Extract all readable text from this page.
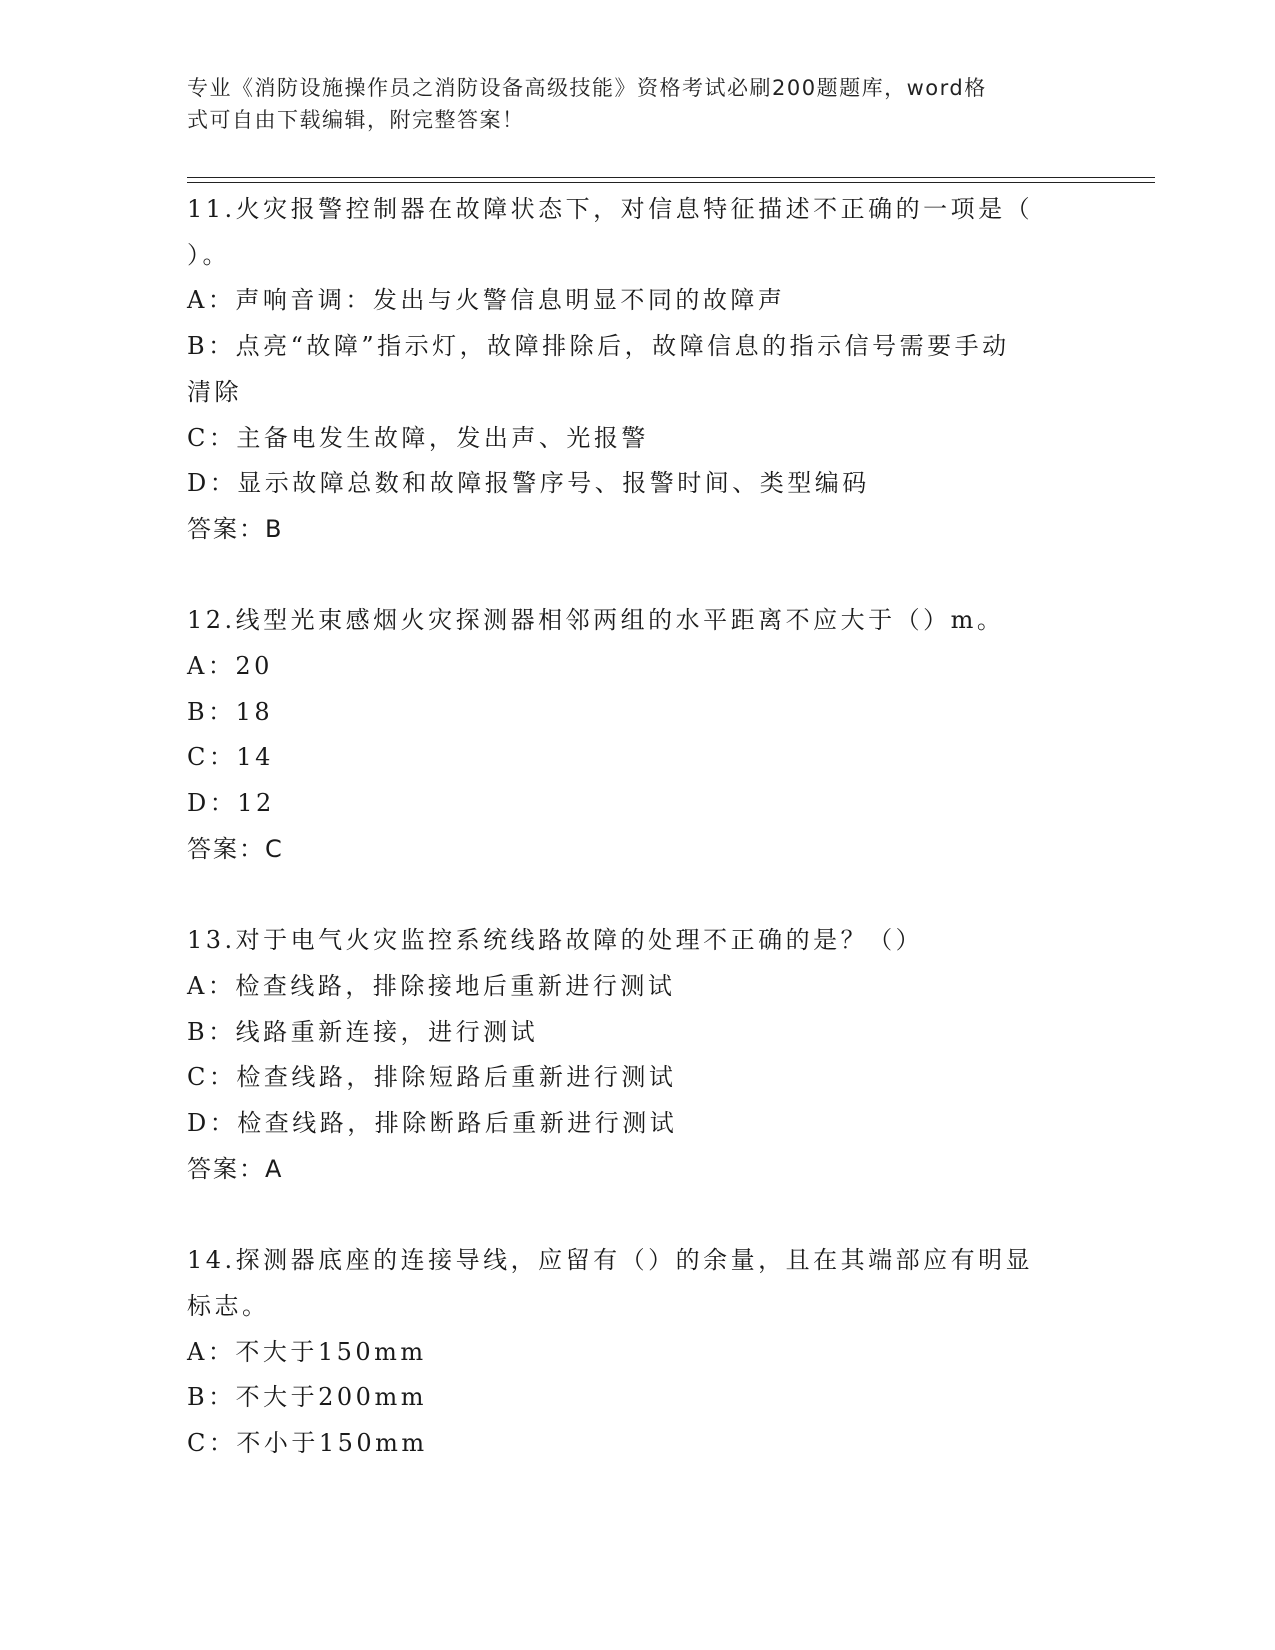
专业《消防设施操作员之消防设备高级技能》资格考试必刷200题题库，word格
式可自由下载编辑，附完整答案！

11.火灾报警控制器在故障状态下，对信息特征描述不正确的一项是（

）。

A：声响音调：发出与火警信息明显不同的故障声

B：点亮“故障”指示灯，故障排除后，故障信息的指示信号需要手动

清除

C：主备电发生故障，发出声、光报警

D：显示故障总数和故障报警序号、报警时间、类型编码

答案：B

12.线型光束感烟火灾探测器相邻两组的水平距离不应大于（）m。

A：20

B：18

C：14

D：12

答案：C

13.对于电气火灾监控系统线路故障的处理不正确的是？（）

A：检查线路，排除接地后重新进行测试

B：线路重新连接，进行测试

C：检查线路，排除短路后重新进行测试

D：检查线路，排除断路后重新进行测试

答案：A

14.探测器底座的连接导线，应留有（）的余量，且在其端部应有明显

标志。

A：不大于150mm

B：不大于200mm

C：不小于150mm
